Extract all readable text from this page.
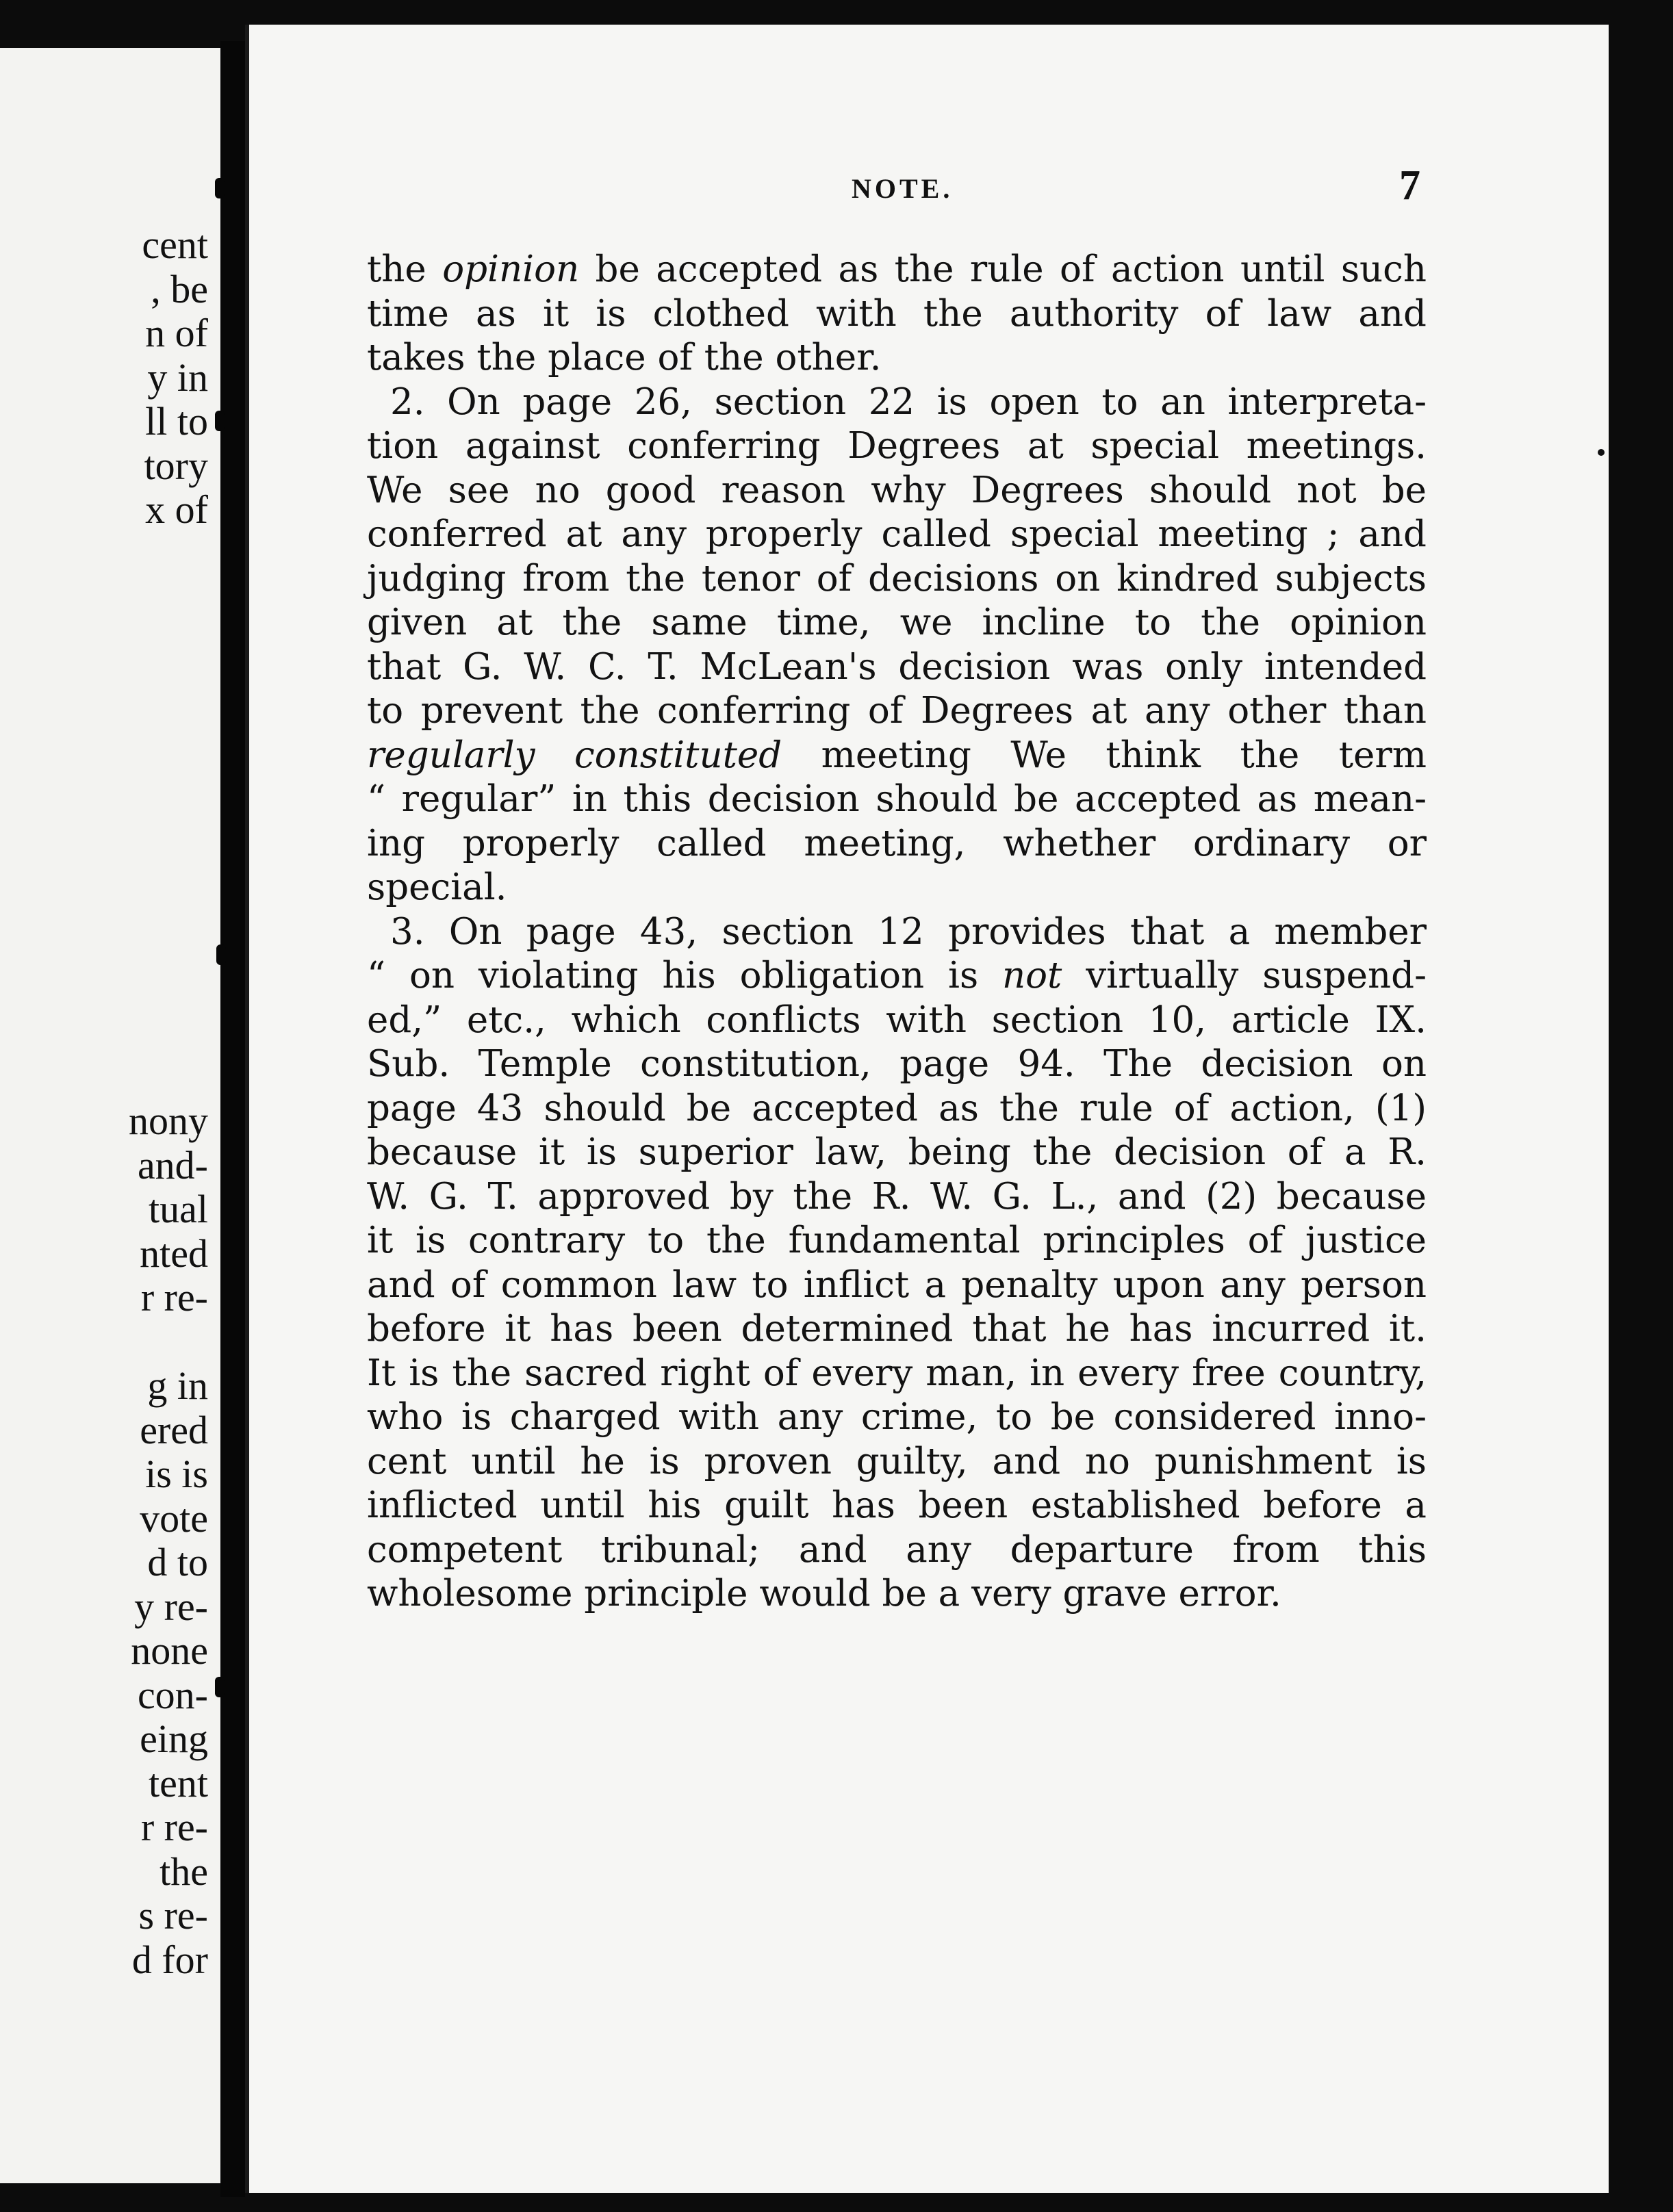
cent
, be
n of
y in
ll to
tory
x of
nony
and-
tual
nted
r re-
g in
ered
is is
vote
d to
y re-
none
con-
eing
tent
r re-
the
s re-
d for
NOTE.	7
the opinion be accepted as the rule of action until such
time as it is clothed with the authority of law and
takes the place of the other.
2. On page 26, section 22 is open to an interpreta-
tion against conferring Degrees at special meetings.
We see no good reason why Degrees should not be
conferred at any properly called special meeting ; and
judging from the tenor of decisions on kindred subjects
given at the same time, we incline to the opinion
that G. W. C. T. McLean's decision was only intended
to prevent the conferring of Degrees at any other than
regularly constituted meeting We think the term
“ regular” in this decision should be accepted as mean-
ing properly called meeting, whether ordinary or
special.
3. On page 43, section 12 provides that a member
“ on violating his obligation is not virtually suspend-
ed,” etc., which conflicts with section 10, article IX.
Sub. Temple constitution, page 94. The decision on
page 43 should be accepted as the rule of action, (1)
because it is superior law, being the decision of a R.
W. G. T. approved by the R. W. G. L., and (2) because
it is contrary to the fundamental principles of justice
and of common law to inflict a penalty upon any person
before it has been determined that he has incurred it.
It is the sacred right of every man, in every free country,
who is charged with any crime, to be considered inno-
cent until he is proven guilty, and no punishment is
inflicted until his guilt has been established before a
competent tribunal; and any departure from this
wholesome principle would be a very grave error.
